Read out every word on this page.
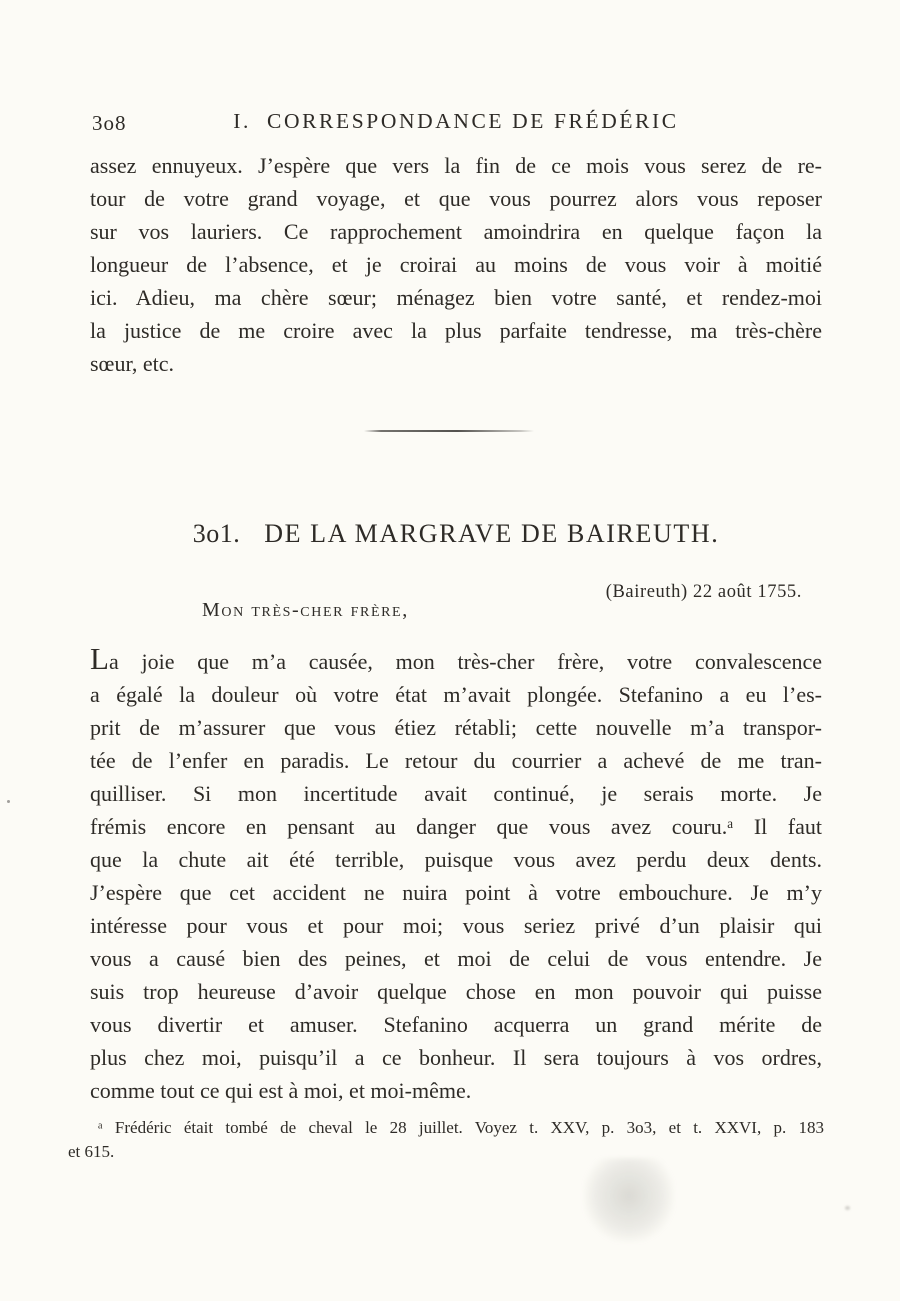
3o8	I. CORRESPONDANCE DE FRÉDÉRIC
assez ennuyeux. J’espère que vers la fin de ce mois vous serez de re-
tour de votre grand voyage, et que vous pourrez alors vous reposer
sur vos lauriers. Ce rapprochement amoindrira en quelque façon la
longueur de l’absence, et je croirai au moins de vous voir à moitié
ici. Adieu, ma chère sœur; ménagez bien votre santé, et rendez-moi
la justice de me croire avec la plus parfaite tendresse, ma très-chère
sœur, etc.
3o1. DE LA MARGRAVE DE BAIREUTH.
(Baireuth) 22 août 1755.
Mon très-cher frère,
La joie que m’a causée, mon très-cher frère, votre convalescence
a égalé la douleur où votre état m’avait plongée. Stefanino a eu l’es-
prit de m’assurer que vous étiez rétabli; cette nouvelle m’a transpor-
tée de l’enfer en paradis. Le retour du courrier a achevé de me tran-
quilliser. Si mon incertitude avait continué, je serais morte. Je
frémis encore en pensant au danger que vous avez couru.ᵃ Il faut
que la chute ait été terrible, puisque vous avez perdu deux dents.
J’espère que cet accident ne nuira point à votre embouchure. Je m’y
intéresse pour vous et pour moi; vous seriez privé d’un plaisir qui
vous a causé bien des peines, et moi de celui de vous entendre. Je
suis trop heureuse d’avoir quelque chose en mon pouvoir qui puisse
vous divertir et amuser. Stefanino acquerra un grand mérite de
plus chez moi, puisqu’il a ce bonheur. Il sera toujours à vos ordres,
comme tout ce qui est à moi, et moi-même.
ᵃ Frédéric était tombé de cheval le 28 juillet. Voyez t. XXV, p. 3o3, et t. XXVI, p. 183
et 615.
